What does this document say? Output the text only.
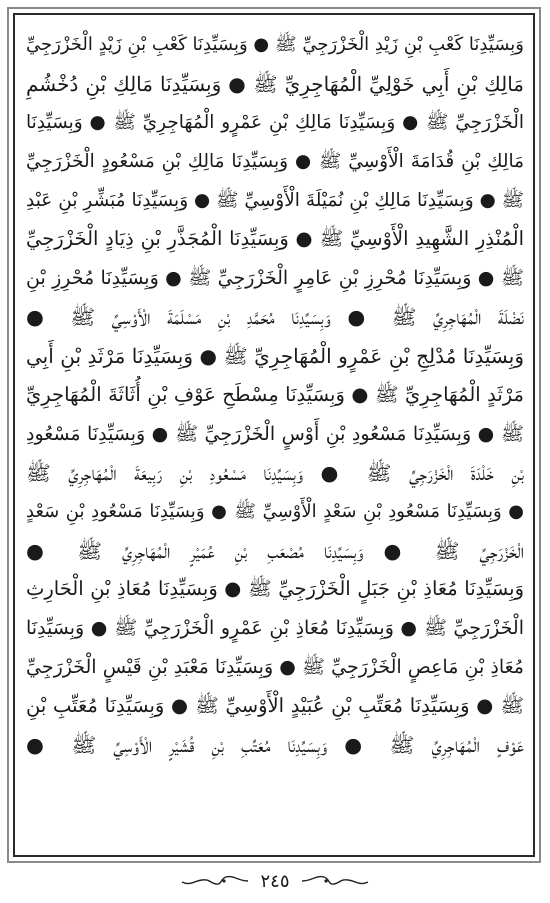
وَبِسَيِّدِنَا كَعْبِ بْنِ زَيْدِ الْخَزْرَجِيِّ ﷺ ● وَبِسَيِّدِنَا كَعْبِ بْنِ زَيْدٍ الْخَزْرَجِيِّ
مَالِكِ بْنِ أَبِي خَوْلِيِّ الْمُهَاجِرِيِّ ﷺ ● وَبِسَيِّدِنَا مَالِكِ بْنِ دُخْشُمِ
الْخَزْرَجِيِّ ﷺ ● وَبِسَيِّدِنَا مَالِكِ بْنِ عَمْرٍو الْمُهَاجِرِيِّ ﷺ ● وَبِسَيِّدِنَا
مَالِكِ بْنِ قُدَامَةَ الْأَوْسِيِّ ﷺ ● وَبِسَيِّدِنَا مَالِكِ بْنِ مَسْعُودٍ الْخَزْرَجِيِّ
ﷺ ● وَبِسَيِّدِنَا مَالِكِ بْنِ نُمَيْلَةَ الْأَوْسِيِّ ﷺ ● وَبِسَيِّدِنَا مُبَشِّرِ بْنِ عَبْدِ
الْمُنْذِرِ الشَّهِيدِ الْأَوْسِيِّ ﷺ ● وَبِسَيِّدِنَا الْمُجَذَّرِ بْنِ ذِيَادٍ الْخَزْرَجِيِّ
ﷺ ● وَبِسَيِّدِنَا مُحْرِزِ بْنِ عَامِرٍ الْخَزْرَجِيِّ ﷺ ● وَبِسَيِّدِنَا مُحْرِزِ بْنِ
نَضْلَةَ الْمُهَاجِرِيِّ ﷺ ● وَبِسَيِّدِنَا مُحَمَّدِ بْنِ مَسْلَمَةَ الْأَوْسِيِّ ﷺ ●
وَبِسَيِّدِنَا مُدْلِجِ بْنِ عَمْرٍو الْمُهَاجِرِيِّ ﷺ ● وَبِسَيِّدِنَا مَرْثَدِ بْنِ أَبِي
مَرْثَدٍ الْمُهَاجِرِيِّ ﷺ ● وَبِسَيِّدِنَا مِسْطَحِ عَوْفِ بْنِ أُثَاثَةَ الْمُهَاجِرِيِّ
ﷺ ● وَبِسَيِّدِنَا مَسْعُودِ بْنِ أَوْسٍ الْخَزْرَجِيِّ ﷺ ● وَبِسَيِّدِنَا مَسْعُودِ
بْنِ خَلْدَةَ الْخَزْرَجِيِّ ﷺ ● وَبِسَيِّدِنَا مَسْعُودِ بْنِ رَبِيعَةَ الْمُهَاجِرِيِّ ﷺ
● وَبِسَيِّدِنَا مَسْعُودِ بْنِ سَعْدٍ الْأَوْسِيِّ ﷺ ● وَبِسَيِّدِنَا مَسْعُودِ بْنِ سَعْدٍ
الْخَزْرَجِيِّ ﷺ ● وَبِسَيِّدِنَا مُصْعَبِ بْنِ عُمَيْرٍ الْمُهَاجِرِيِّ ﷺ ●
وَبِسَيِّدِنَا مُعَاذِ بْنِ جَبَلٍ الْخَزْرَجِيِّ ﷺ ● وَبِسَيِّدِنَا مُعَاذِ بْنِ الْحَارِثِ
الْخَزْرَجِيِّ ﷺ ● وَبِسَيِّدِنَا مُعَاذِ بْنِ عَمْرٍو الْخَزْرَجِيِّ ﷺ ● وَبِسَيِّدِنَا
مُعَاذِ بْنِ مَاعِصٍ الْخَزْرَجِيِّ ﷺ ● وَبِسَيِّدِنَا مَعْبَدِ بْنِ قَيْسٍ الْخَزْرَجِيِّ
ﷺ ● وَبِسَيِّدِنَا مُعَتِّبِ بْنِ عُبَيْدٍ الْأَوْسِيِّ ﷺ ● وَبِسَيِّدِنَا مُعَتِّبِ بْنِ
عَوْفٍ الْمُهَاجِرِيِّ ﷺ ● وَبِسَيِّدِنَا مُعَتِّبِ بْنِ قُشَيْرٍ الْأَوْسِيِّ ﷺ ●
٢٤٥
